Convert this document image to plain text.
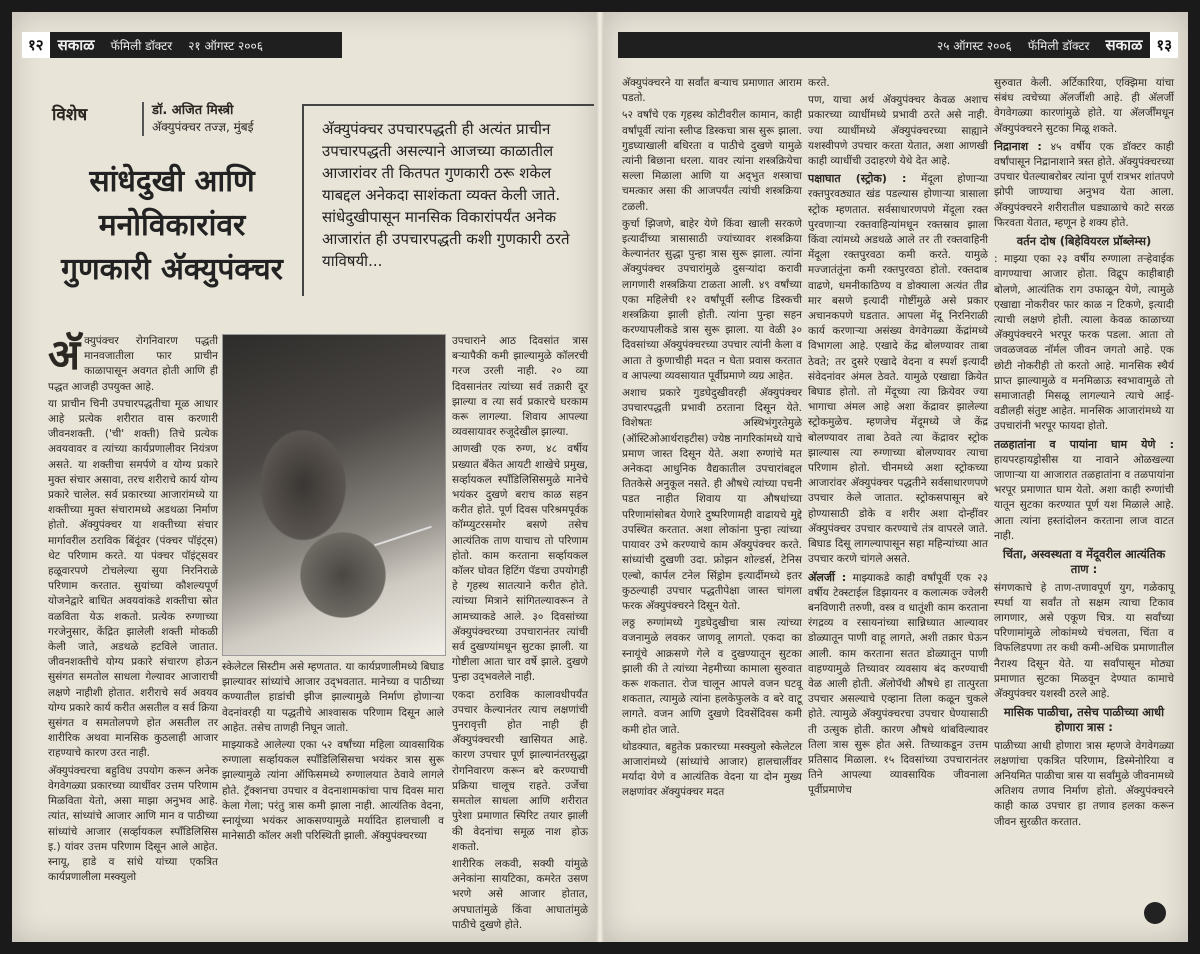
१२ सकाळ	फॅमिली डॉक्टर	२१ ऑगस्ट २००६
विशेष	डॉ. अजित मिस्त्री
अ‍ॅक्युपंक्चर तज्ज्ञ, मुंबई
सांधेदुखी आणि मनोविकारांवर गुणकारी अ‍ॅक्युपंक्चर
अ‍ॅक्युपंक्चर उपचारपद्धती ही अत्यंत प्राचीन उपचारपद्धती असल्याने आजच्या काळातील आजारांवर ती कितपत गुणकारी ठरू शकेल याबद्दल अनेकदा साशंकता व्यक्त केली जाते. सांधेदुखीपासून मानसिक विकारांपर्यंत अनेक आजारांत ही उपचारपद्धती कशी गुणकारी ठरते याविषयी...
अ‍ॅ क्युपंक्चर रोगनिवारण पद्धती मानवजातीला फार प्राचीन काळापासून अवगत होती आणि ही पद्धत आजही उपयुक्त आहे.

या प्राचीन चिनी उपचारपद्धतीचा मूळ आधार आहे प्रत्येक शरीरात वास करणारी जीवनशक्ती. ('ची' शक्ती) तिचे प्रत्येक अवयवावर व त्यांच्या कार्यप्रणालीवर नियंत्रण असते. या शक्तीचा समर्पणे व योग्य प्रकारे मुक्त संचार असावा, तरच शरीराचे कार्य योग्य प्रकारे चालेल. सर्व प्रकारच्या आजारांमध्ये या शक्तीच्या मुक्त संचारामध्ये अडथळा निर्माण होतो. अ‍ॅक्युपंक्चर या शक्तीच्या संचार मार्गावरील ठराविक बिंदूंवर (पंक्चर पॉइंट्स) थेट परिणाम करते. या पंक्चर पॉइंट्सवर हळूवारपणे टोचलेल्या सुया निरनिराळे परिणाम करतात. सुयांच्या कौशल्यपूर्ण योजनेद्वारे बाधित अवयवांकडे शक्तीचा स्रोत वळविता येऊ शकतो. प्रत्येक रुग्णाच्या गरजेनुसार, केंद्रित झालेली शक्ती मोकळी केली जाते, अडथळे हटविले जातात. जीवनशक्तीचे योग्य प्रकारे संचारण होऊन सुसंगत समतोल साधला गेल्यावर आजाराची लक्षणे नाहीशी होतात. शरीराचे सर्व अवयव योग्य प्रकारे कार्य करीत असतील व सर्व क्रिया सुसंगत व समतोलपणे होत असतील तर शारीरिक अथवा मानसिक कुठलाही आजार राहण्याचे कारण उरत नाही.

अ‍ॅक्युपंक्चरचा बहुविध उपयोग करून अनेक वेगवेगळ्या प्रकारच्या व्याधींवर उत्तम परिणाम मिळविता येतो, असा माझा अनुभव आहे. त्यांत, सांध्यांचे आजार आणि मान व पाठीच्या सांध्यांचे आजार (सर्व्हायकल स्पॉंडिलिसिस इ.) यांवर उत्तम परिणाम दिसून आले आहेत. स्नायू, हाडे व सांधे यांच्या एकत्रित कार्यप्रणालीला मस्क्युलो

स्केलेटल सिस्टीम असे म्हणतात. या कार्यप्रणालीमध्ये बिघाड झाल्यावर सांध्यांचे आजार उद्‍भवतात. मानेच्या व पाठीच्या कण्यातील हाडांची झीज झाल्यामुळे निर्माण होणाऱ्या वेदनांवरही या पद्धतीचे आश्वासक परिणाम दिसून आले आहेत. तसेच ताणही निघून जातो.

माझ्याकडे आलेल्या एका ५२ वर्षांच्या महिला व्यावसायिक रुग्णाला सर्व्हायकल स्पॉंडिलिसिसचा भयंकर त्रास सुरू झाल्यामुळे त्यांना ऑफिसमध्ये रुग्णालयात ठेवावे लागले होते. ट्रॅक्शनचा उपचार व वेदनाशामकांचा पाच दिवस मारा केला गेला; परंतु त्रास कमी झाला नाही. आत्यंतिक वेदना, स्नायूंच्या भयंकर आकसण्यामुळे मर्यादित हालचाली व मानेसाठी कॉलर अशी परिस्थिती झाली. अ‍ॅक्युपंक्चरच्या

उपचाराने आठ दिवसांत त्रास बऱ्यापैकी कमी झाल्यामुळे कॉलरची गरज उरली नाही. २० व्या दिवसानंतर त्यांच्या सर्व तक्रारी दूर झाल्या व त्या सर्व प्रकारचे घरकाम करू लागल्या. शिवाय आपल्या व्यवसायावर रुजूदेखील झाल्या.

आणखी एक रुग्ण, ४८ वर्षीय प्रख्यात बॅंकेत आयटी शाखेचे प्रमुख, सर्व्हायकल स्पॉंडिलिसिसमुळे मानेचे भयंकर दुखणे बराच काळ सहन करीत होते. पूर्ण दिवस परिश्रमपूर्वक कॉम्प्युटरसमोर बसणे तसेच आत्यंतिक ताण याचाच तो परिणाम होतो. काम करताना सर्व्हायकल कॉलर घोवत हिटिंग पॅडचा उपयोगही हे गृहस्थ सातत्याने करीत होते. त्यांच्या मित्राने सांगितल्यावरून ते आमच्याकडे आले. ३० दिवसांच्या अ‍ॅक्युपंक्चरच्या उपचारानंतर त्यांची सर्व दुखण्यांमधून सुटका झाली. या गोष्टीला आता चार वर्षे झाले. दुखणे पुन्हा उद्‍भवलेले नाही.

एकदा ठराविक कालावधीपर्यंत उपचार केल्यानंतर त्याच लक्षणांची पुनरावृत्ती होत नाही ही अ‍ॅक्युपंक्चरची खासियत आहे. कारण उपचार पूर्ण झाल्यानंतरसुद्धा रोगनिवारण करून बरे करण्याची प्रक्रिया चालूच राहते. उर्जेचा समतोल साधला आणि शरीरात पुरेशा प्रमाणात स्पिरिट तयार झाली की वेदनांचा समूळ नाश होऊ शकतो.

शारीरिक लकवी, सक्यी यांमुळे अनेकांना सायटिका, कमरेत उसण भरणे असे आजार होतात, अपघातांमुळे किंवा आघातांमुळे पाठीचे दुखणे होते.

२५ ऑगस्ट २००६	फॅमिली डॉक्टर	सकाळ १३

अ‍ॅक्युपंक्चरने या सर्वांत बऱ्याच प्रमाणात आराम पडतो.

५२ वर्षांचे एक गृहस्थ कोटीवरील कामान, काही वर्षांपूर्वी त्यांना स्लीप्ड डिस्कचा त्रास सुरू झाला. गुडघ्याखाली बधिरता व पाठीचे दुखणे यामुळे त्यांनी बिछाना धरला. यावर त्यांना शस्त्रक्रियेचा सल्ला मिळाला आणि या अद्‍भुत शस्त्राचा चमत्कार असा की आजपर्यंत त्यांची शस्त्रक्रिया टळली.

कुर्चा झिजणे, बाहेर येणे किंवा खाली सरकणे इत्यादींच्या त्रासासाठी ज्यांच्यावर शस्त्रक्रिया केल्यानंतर सुद्धा पुन्हा त्रास सुरू झाला. त्यांना अ‍ॅक्युपंक्चर उपचारांमुळे दुसऱ्यांदा करावी लागणारी शस्त्रक्रिया टाळता आली. ४९ वर्षांच्या एका महिलेची १२ वर्षांपूर्वी स्लीप्ड डिस्कची शस्त्रक्रिया झाली होती. त्यांना पुन्हा सहन करण्यापलीकडे त्रास सुरू झाला. या वेळी ३० दिवसांच्या अ‍ॅक्युपंक्चरच्या उपचार त्यांनी केला व आता ते कुणाचीही मदत न घेता प्रवास करतात व आपल्या व्यवसायात पूर्वीप्रमाणे व्यग्र आहेत.

अशाच प्रकारे गुडघेदुखीवरही अ‍ॅक्युपंक्चर उपचारपद्धती प्रभावी ठरताना दिसून येते. विशेषतः अस्थिभंगुरतेमुळे (ऑस्टिओआर्थराइटीस) ज्येष्ठ नागरिकांमध्ये याचे प्रमाण जास्त दिसून येते. अशा रुग्णांचे मत अनेकदा आधुनिक वैद्यकातील उपचारांबद्दल तितकेसे अनुकूल नसते. ही औषधे त्यांच्या पचनी पडत नाहीत शिवाय या औषधांच्या परिणामांसोबत येणारे दुष्परिणामही वाढायचे मुद्दे उपस्थित करतात. अशा लोकांना पुन्हा त्यांच्या पायावर उभे करण्याचे काम अ‍ॅक्युपंक्चर करते. सांध्यांची दुखणी उदा. फ्रोझन शोल्डर्स, टेनिस एल्बो, कार्पल टनेल सिंड्रोम इत्यादींमध्ये इतर कुठल्याही उपचार पद्धतीपेक्षा जास्त चांगला फरक अ‍ॅक्युपंक्चरने दिसून येतो.

लठ्ठ रुग्णांमध्ये गुडघेदुखीचा त्रास त्यांच्या वजनामुळे लवकर जाणवू लागतो. एकदा का स्नायूंचे आक्रसणे गेले व दुखण्यातून सुटका झाली की ते त्यांच्या नेहमीच्या कामाला सुरुवात करू शकतात. रोज चालून आपले वजन घटवू शकतात, त्यामुळे त्यांना हलकेफुलके व बरे वाटू लागते. वजन आणि दुखणे दिवसेंदिवस कमी कमी होत जाते.

थोडक्यात, बहुतेक प्रकारच्या मस्क्युलो स्केलेटल आजारांमध्ये (सांध्यांचे आजार) हालचालींवर मर्यादा येणे व आत्यंतिक वेदना या दोन मुख्य लक्षणांवर अ‍ॅक्युपंक्चर मदत

करते.

पण, याचा अर्थ अ‍ॅक्युपंक्चर केवळ अशाच प्रकारच्या व्याधींमध्ये प्रभावी ठरते असे नाही. ज्या व्याधींमध्ये अ‍ॅक्युपंक्चरच्या साह्याने यशस्वीपणे उपचार करता येतात, अशा आणखी काही व्याधींची उदाहरणे येथे देत आहे.

पक्षाघात (स्ट्रोक) : मेंदूला होणाऱ्या रक्तपुरवठ्यात खंड पडल्यास होणाऱ्या त्रासाला स्ट्रोक म्हणतात. सर्वसाधारणपणे मेंदूला रक्त पुरवणाऱ्या रक्तवाहिन्यांमधून रक्तस्राव झाला किंवा त्यांमध्ये अडथळे आले तर ती रक्तवाहिनी मेंदूला रक्तपुरवठा कमी करते. यामुळे मज्जातंतूंना कमी रक्तपुरवठा होतो. रक्तदाब वाढणे, धमनीकाठिण्य व डोक्याला अत्यंत तीव्र मार बसणे इत्यादी गोष्टींमुळे असे प्रकार अचानकपणे घडतात. आपला मेंदू निरनिराळी कार्य करणाऱ्या असंख्य वेगवेगळ्या केंद्रांमध्ये विभागला आहे. एखादे केंद्र बोलण्यावर ताबा ठेवते; तर दुसरे एखादे वेदना व स्पर्श इत्यादी संवेदनांवर अंमल ठेवते. यामुळे एखाद्या क्रियेत बिघाड होतो. तो मेंदूच्या त्या क्रियेवर ज्या भागाचा अंमल आहे अशा केंद्रावर झालेल्या स्ट्रोकमुळेच. म्हणजेच मेंदूमध्ये जे केंद्र बोलण्यावर ताबा ठेवते त्या केंद्रावर स्ट्रोक झाल्यास त्या रुग्णाच्या बोलण्यावर त्याचा परिणाम होतो. चीनमध्ये अशा स्ट्रोकच्या आजारांवर अ‍ॅक्युपंक्चर पद्धतीने सर्वसाधारणपणे उपचार केले जातात. स्ट्रोकसपासून बरे होण्यासाठी डोके व शरीर अशा दोन्हींवर अ‍ॅक्युपंक्चर उपचार करण्याचे तंत्र वापरले जाते. बिघाड दिसू लागल्यापासून सहा महिन्यांच्या आत उपचार करणे चांगले असते.

अ‍ॅलर्जी : माझ्याकडे काही वर्षांपूर्वी एक २३ वर्षीय टेक्स्टाईल डिझायनर व कलात्मक ज्वेलरी बनविणारी तरुणी, वस्त्र व धातूंशी काम करताना रंगद्रव्य व रसायनांच्या सान्निध्यात आल्यावर डोळ्यातून पाणी वाहू लागते, अशी तक्रार घेऊन आली. काम करताना सतत डोळ्यातून पाणी वाहण्यामुळे तिच्यावर व्यवसाय बंद करण्याची वेळ आली होती. अ‍ॅलोपॅथी औषधे हा तात्पुरता उपचार असल्याचे एव्हाना तिला कळून चुकले होते. त्यामुळे अ‍ॅक्युपंक्चरचा उपचार घेण्यासाठी ती उत्सुक होती. कारण औषधे थांबविल्यावर तिला त्रास सुरू होत असे. तिच्याकडून उत्तम प्रतिसाद मिळाला. १५ दिवसांच्या उपचारानंतर तिने आपल्या व्यावसायिक जीवनाला पूर्वीप्रमाणेच

सुरुवात केली. अर्टिकारिया, एक्झिमा यांचा संबंध त्वचेच्या अ‍ॅलर्जीशी आहे. ही अ‍ॅलर्जी वेगवेगळ्या कारणांमुळे होते. या अ‍ॅलर्जींमधून अ‍ॅक्युपंक्चरने सुटका मिळू शकते.

निद्रानाश : ४५ वर्षीय एक डॉक्टर काही वर्षांपासून निद्रानाशाने त्रस्त होते. अ‍ॅक्युपंक्चरच्या उपचार घेतल्याबरोबर त्यांना पूर्ण रात्रभर शांतपणे झोपी जाण्याचा अनुभव येता आला. अ‍ॅक्युपंक्चरने शरीरातील घड्याळाचे काटे सरळ फिरवता येतात, म्हणून हे शक्य होते.

वर्तन दोष (बिहेवियरल प्रॉब्लेम्स)

: माझ्या एका २३ वर्षीय रुग्णाला तऱ्हेवाईक वागण्याचा आजार होता. विद्रूप काहीबाही बोलणे, आत्यंतिक राग उफाळून येणे, त्यामुळे एखाद्या नोकरीवर फार काळ न टिकणे, इत्यादी त्याची लक्षणे होती. त्याला केवळ काळाच्या अ‍ॅक्युपंक्चरने भरपूर फरक पडला. आता तो जवळजवळ नॉर्मल जीवन जगतो आहे. एक छोटी नोकरीही तो करतो आहे. मानसिक स्थैर्य प्राप्त झाल्यामुळे व मनमिळाऊ स्वभावामुळे तो समाजातही मिसळू लागल्याने त्याचे आई-वडीलही संतुष्ट आहेत. मानसिक आजारांमध्ये या उपचारांनी भरपूर फायदा होतो.

तळहातांना व पायांना घाम येणे : हायपरहायड्रोसीस या नावाने ओळखल्या जाणाऱ्या या आजारात तळहातांना व तळपायांना भरपूर प्रमाणात घाम येतो. अशा काही रुग्णांची यातून सुटका करण्यात पूर्ण यश मिळाले आहे. आता त्यांना हस्तांदोलन करताना लाज वाटत नाही.

चिंता, अस्वस्थता व मेंदूवरील आत्यंतिक ताण :

संगणकाचे हे ताण-तणावपूर्ण युग, गळेकापू स्पर्धा या सर्वांत तो सक्षम त्याचा टिकाव लागणार, असे एकूण चित्र. या सर्वांच्या परिणामांमुळे लोकांमध्ये चंचलता, चिंता व विफलिडपणा तर कधी कमी-अधिक प्रमाणातील नैराश्य दिसून येते. या सर्वांपासून मोठ्या प्रमाणात सुटका मिळवून देण्यात कामाचे अ‍ॅक्युपंक्चर यशस्वी ठरले आहे.

मासिक पाळीचा, तसेच पाळीच्या आधी होणारा त्रास :

पाळीच्या आधी होणारा त्रास म्हणजे वेगवेगळ्या लक्षणांचा एकत्रित परिणाम, डिस्मेनोरिया व अनियमित पाळीचा त्रास या सर्वांमुळे जीवनामध्ये अतिशय तणाव निर्माण होतो. अ‍ॅक्युपंक्चरने काही काळ उपचार हा तणाव हलका करून जीवन सुरळीत करतात.
